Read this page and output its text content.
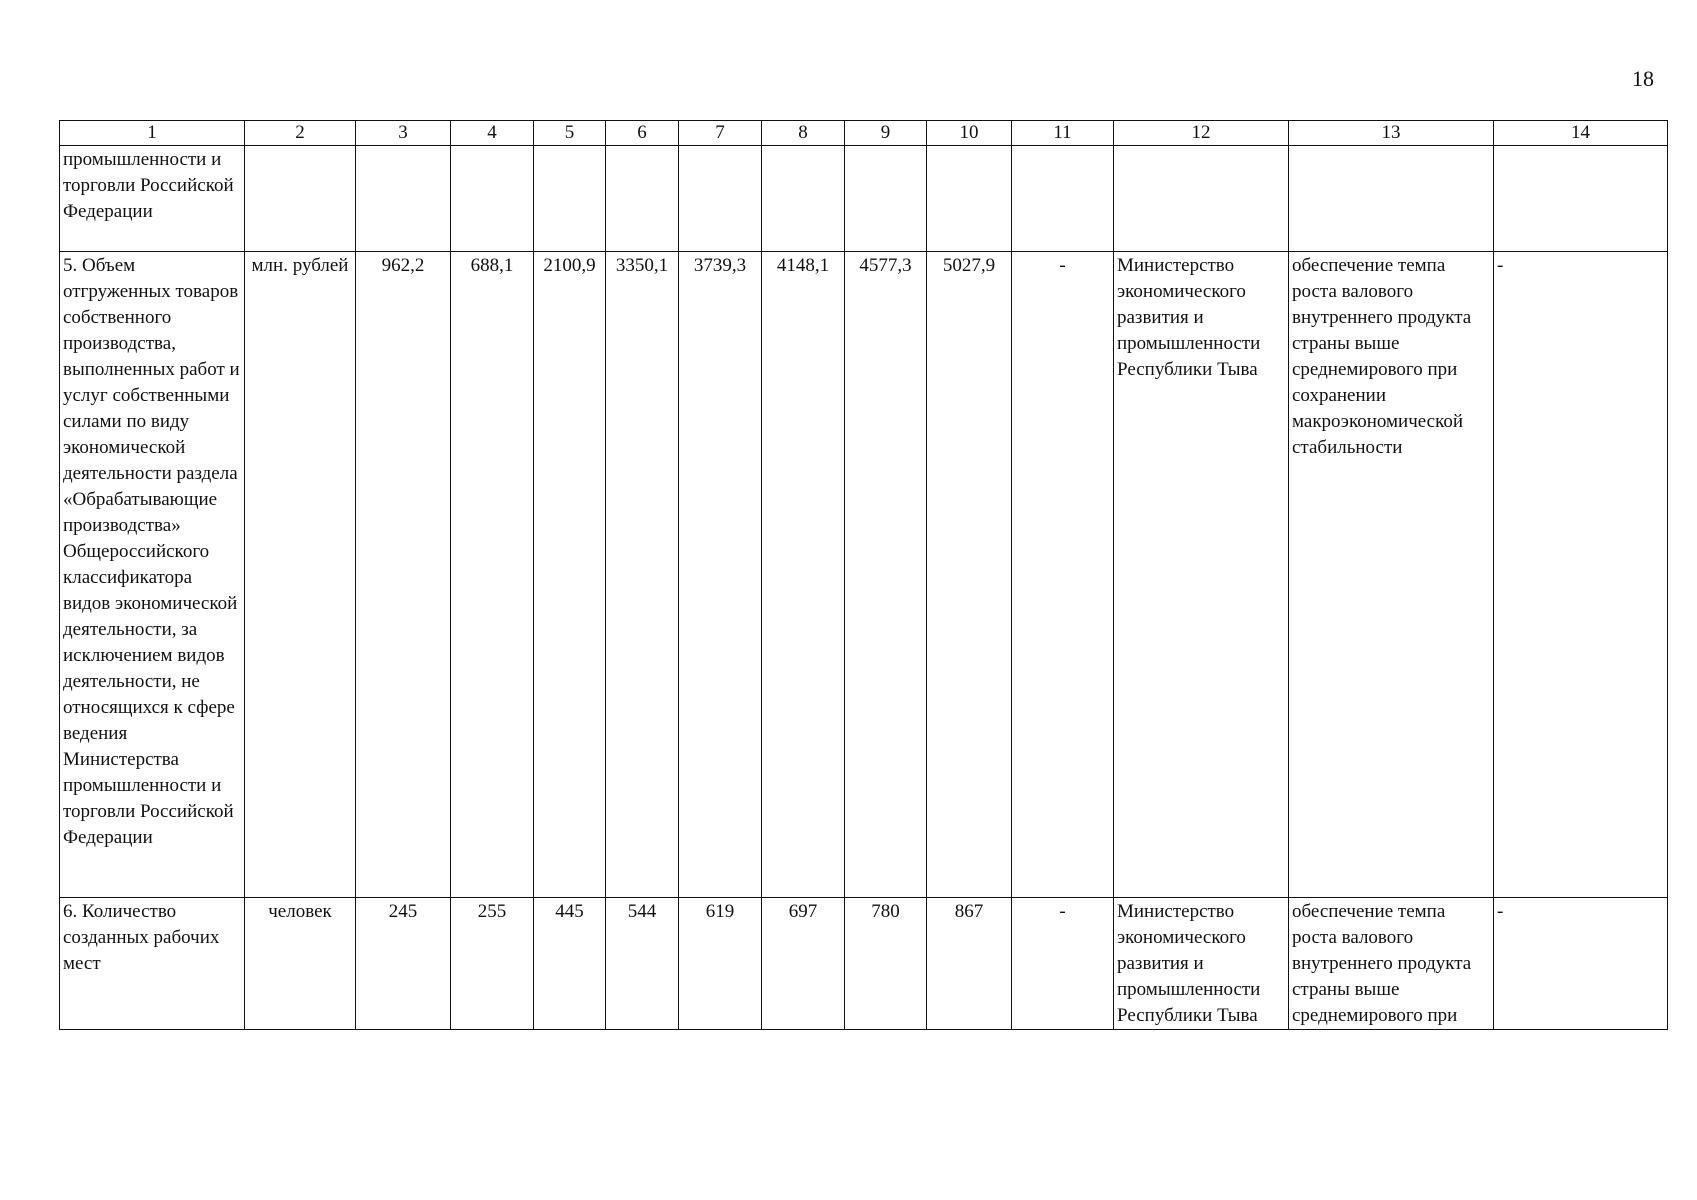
18
1	2	3	4	5	6	7	8	9	10	11	12	13	14
промышленности и торговли Российской Федерации													
5. Объем отгруженных товаров собственного производства, выполненных работ и услуг собственными силами по виду экономической деятельности раздела «Обрабатывающие производства» Общероссийского классификатора видов экономической деятельности, за исключением видов деятельности, не относящихся к сфере ведения Министерства промышленности и торговли Российской Федерации	млн. рублей	962,2	688,1	2100,9	3350,1	3739,3	4148,1	4577,3	5027,9	-	Министерство экономического развития и промышленности Республики Тыва	обеспечение темпа роста валового внутреннего продукта страны выше среднемирового при сохранении макроэкономической стабильности	-
6. Количество созданных рабочих мест	человек	245	255	445	544	619	697	780	867	-	Министерство экономического развития и промышленности Республики Тыва	обеспечение темпа роста валового внутреннего продукта страны выше среднемирового при	-
